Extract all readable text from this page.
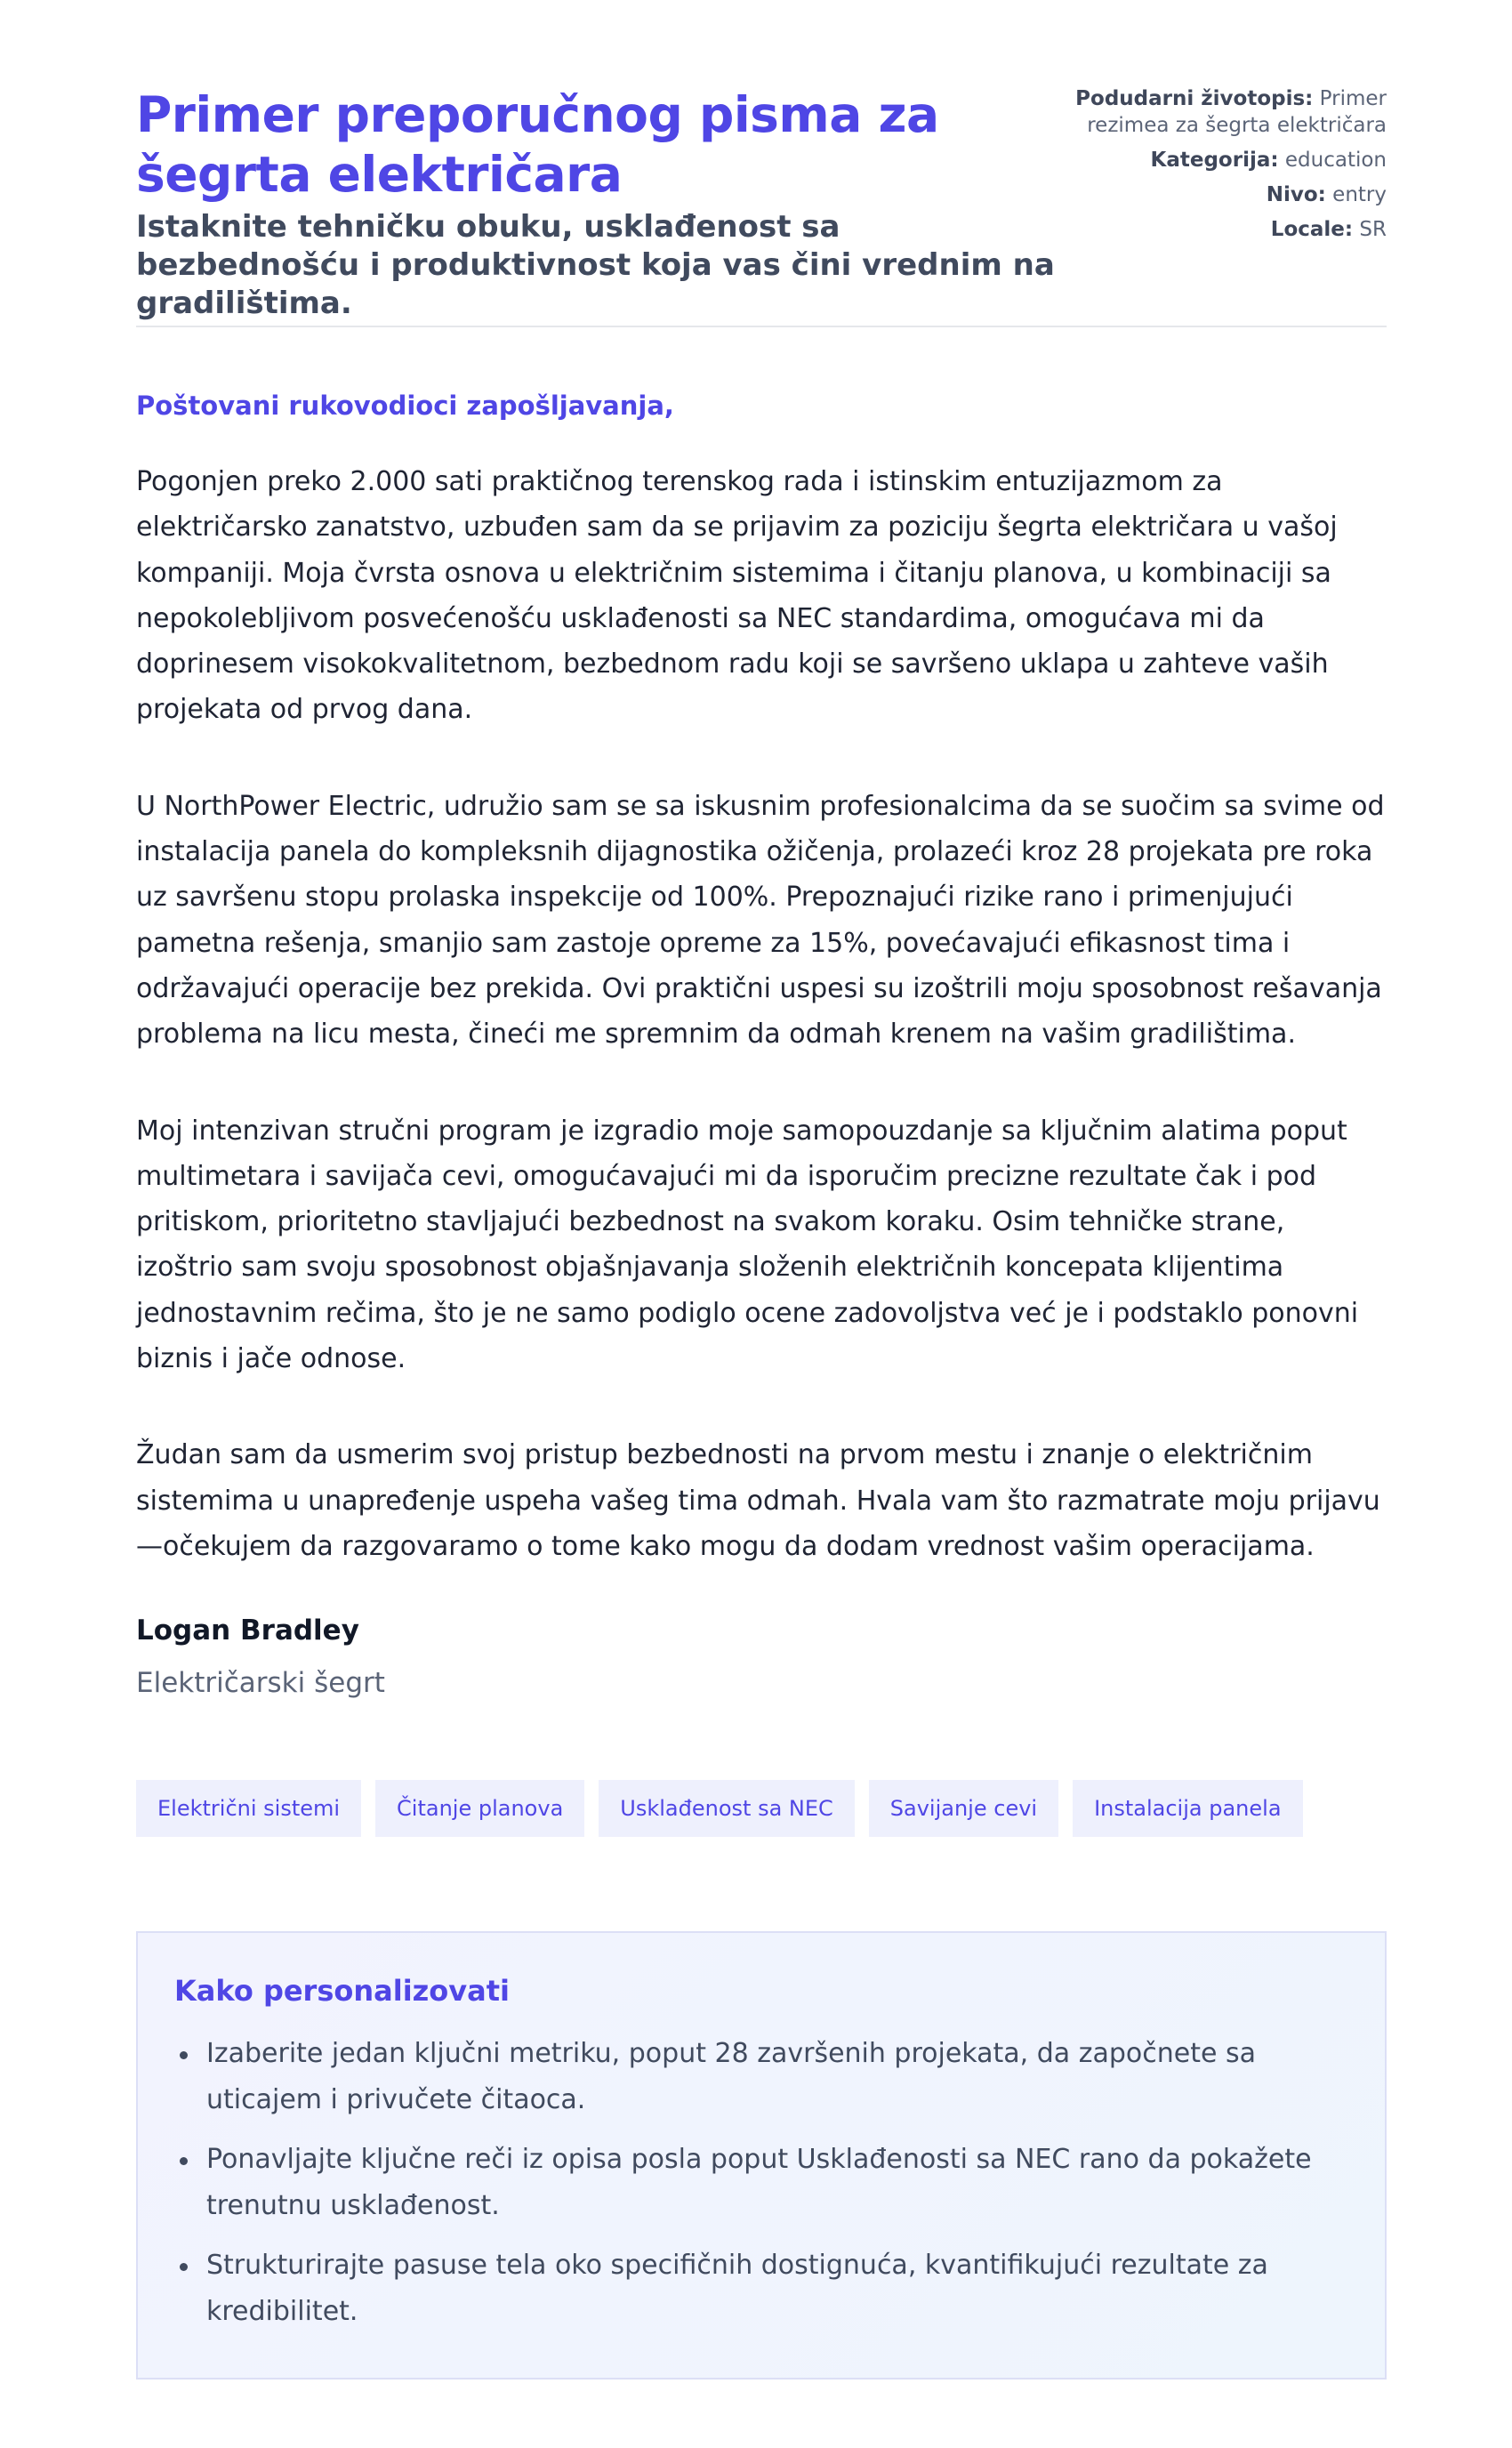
Primer preporučnog pisma za šegrta električara
Istaknite tehničku obuku, usklađenost sa bezbednošću i produktivnost koja vas čini vrednim na gradilištima.
Podudarni životopis: Primer rezimea za šegrta električara
Kategorija: education
Nivo: entry
Locale: SR
Poštovani rukovodioci zapošljavanja,

Pogonjen preko 2.000 sati praktičnog terenskog rada i istinskim entuzijazmom za električarsko zanatstvo, uzbuđen sam da se prijavim za poziciju šegrta električara u vašoj kompaniji. Moja čvrsta osnova u električnim sistemima i čitanju planova, u kombinaciji sa nepokolebljivom posvećenošću usklađenosti sa NEC standardima, omogućava mi da doprinesem visokokvalitetnom, bezbednom radu koji se savršeno uklapa u zahteve vaših projekata od prvog dana.

U NorthPower Electric, udružio sam se sa iskusnim profesionalcima da se suočim sa svime od instalacija panela do kompleksnih dijagnostika ožičenja, prolazeći kroz 28 projekata pre roka uz savršenu stopu prolaska inspekcije od 100%. Prepoznajući rizike rano i primenjujući pametna rešenja, smanjio sam zastoje opreme za 15%, povećavajući efikasnost tima i održavajući operacije bez prekida. Ovi praktični uspesi su izoštrili moju sposobnost rešavanja problema na licu mesta, čineći me spremnim da odmah krenem na vašim gradilištima.

Moj intenzivan stručni program je izgradio moje samopouzdanje sa ključnim alatima poput multimetara i savijača cevi, omogućavajući mi da isporučim precizne rezultate čak i pod pritiskom, prioritetno stavljajući bezbednost na svakom koraku. Osim tehničke strane, izoštrio sam svoju sposobnost objašnjavanja složenih električnih koncepata klijentima jednostavnim rečima, što je ne samo podiglo ocene zadovoljstva već je i podstaklo ponovni biznis i jače odnose.

Žudan sam da usmerim svoj pristup bezbednosti na prvom mestu i znanje o električnim sistemima u unapređenje uspeha vašeg tima odmah. Hvala vam što razmatrate moju prijavu—očekujem da razgovaramo o tome kako mogu da dodam vrednost vašim operacijama.

Logan Bradley
Električarski šegrt
Električni sistemi	Čitanje planova	Usklađenost sa NEC	Savijanje cevi	Instalacija panela
Kako personalizovati
Izaberite jedan ključni metriku, poput 28 završenih projekata, da započnete sa uticajem i privučete čitaoca.
Ponavljajte ključne reči iz opisa posla poput Usklađenosti sa NEC rano da pokažete trenutnu usklađenost.
Strukturirajte pasuse tela oko specifičnih dostignuća, kvantifikujući rezultate za kredibilitet.
